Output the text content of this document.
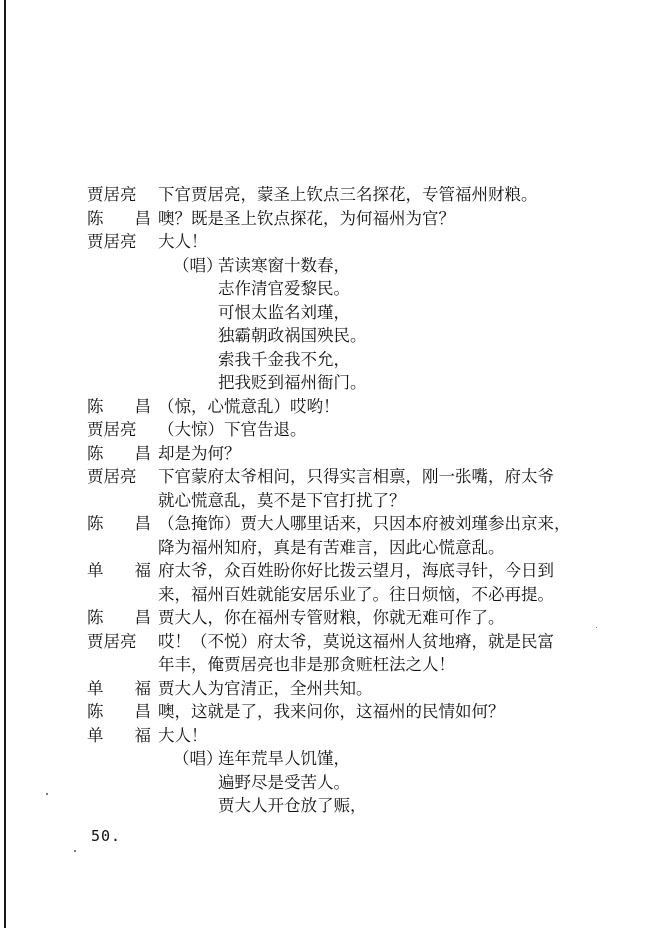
贾居亮	下官贾居亮，蒙圣上钦点三名探花，专管福州财粮。
陈 昌 噢？既是圣上钦点探花，为何福州为官？
贾居亮	大人！
（唱）
苦读寒窗十数春，
志作清官爱黎民。
可恨太监名刘瑾，
独霸朝政祸国殃民。
索我千金我不允，
把我贬到福州衙门。
陈 昌 （惊，心慌意乱）哎哟！
贾居亮	（大惊）下官告退。
陈 昌 却是为何？
贾居亮	下官蒙府太爷相问，只得实言相禀，刚一张嘴，府太爷
就心慌意乱，莫不是下官打扰了？
陈 昌 （急掩饰）贾大人哪里话来，只因本府被刘瑾参出京来，
降为福州知府，真是有苦难言，因此心慌意乱。
单 福 府太爷，众百姓盼你好比拨云望月，海底寻针，今日到
来，福州百姓就能安居乐业了。往日烦恼，不必再提。
陈 昌 贾大人，你在福州专管财粮，你就无难可作了。
贾居亮	哎！（不悦）府太爷，莫说这福州人贫地瘠，就是民富
年丰，俺贾居亮也非是那贪赃枉法之人！
单 福 贾大人为官清正，全州共知。
陈 昌 噢，这就是了，我来问你，这福州的民情如何？
单 福 大人！
（唱）
连年荒旱人饥馑，
遍野尽是受苦人。
贾大人开仓放了赈，
50.
